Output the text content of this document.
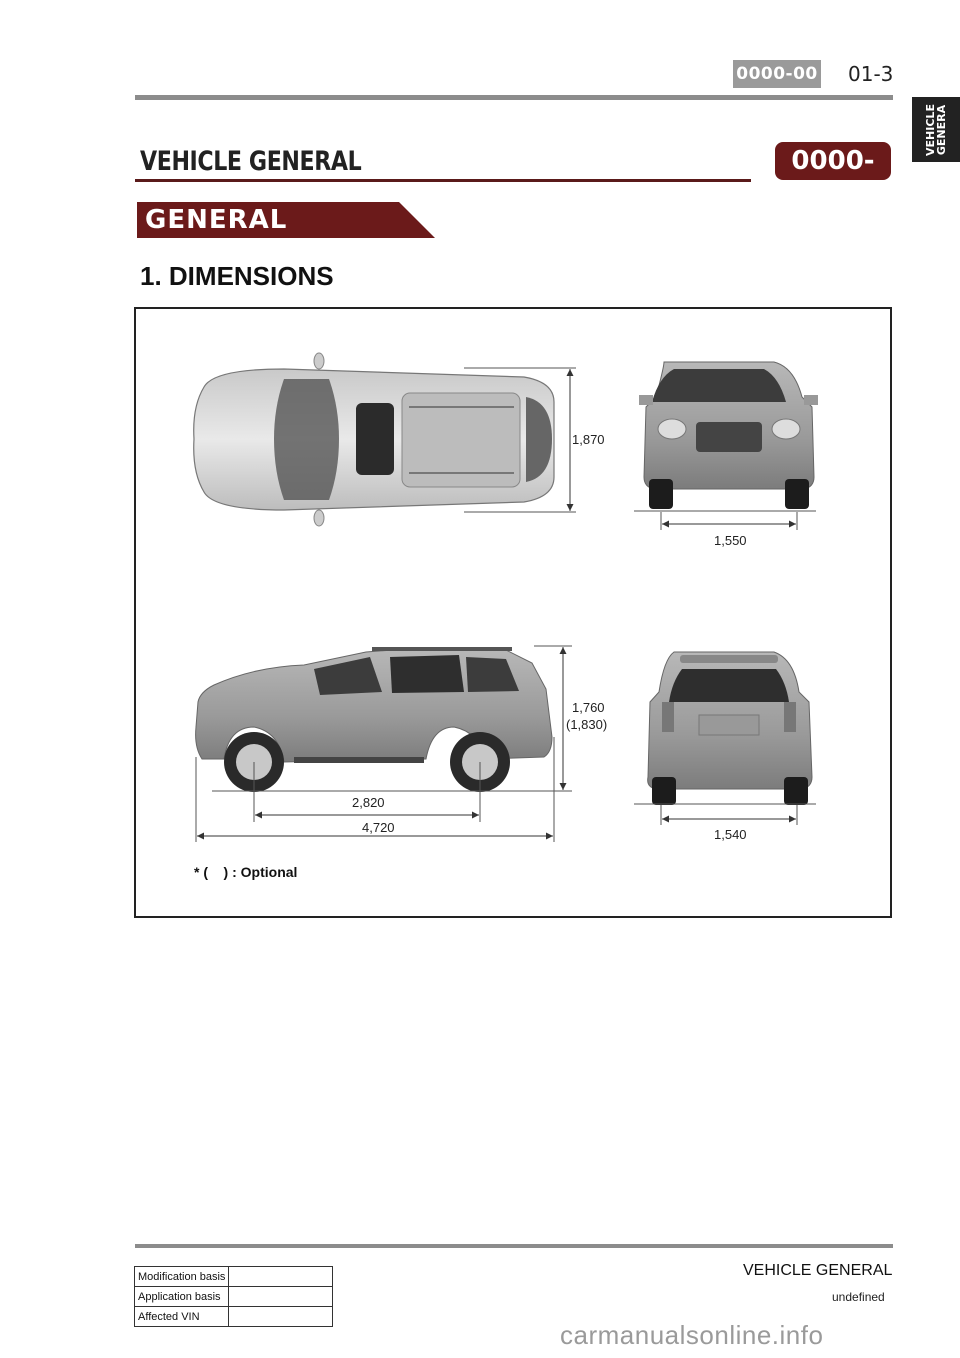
0000-00 01-3
VEHICLE
GENERA
VEHICLE GENERAL	0000-00
GENERAL
1. DIMENSIONS
1,870
1,550
1,760
(1,830)
2,820
4,720	1,540
* (    ) : Optional
VEHICLE GENERAL
undefined
Modification basis	
Application basis	
Affected VIN	
carmanualsonline.info
